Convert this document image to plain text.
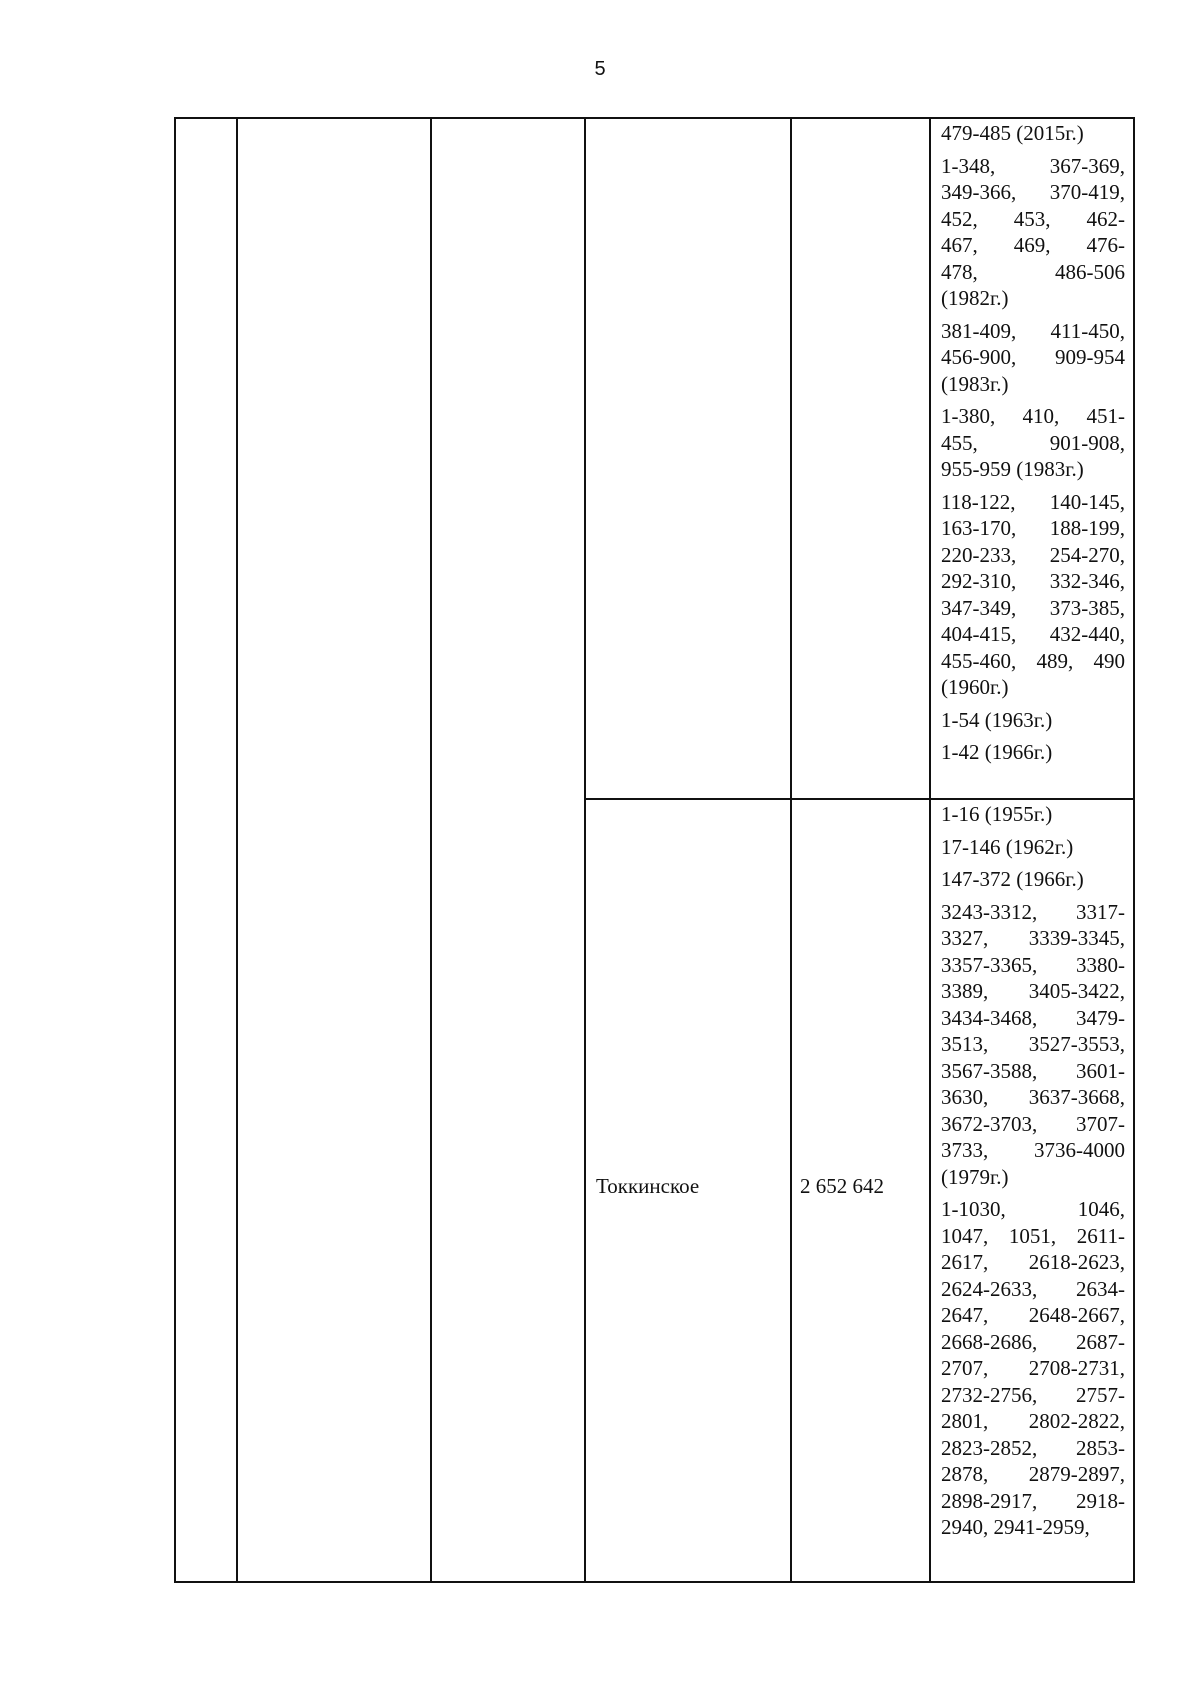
5
Токкинское	2 652 642
479-485 (2015г.)
1-348, 367-369,
349-366, 370-419,
452, 453, 462-
467, 469, 476-
478, 486-506
(1982г.)
381-409, 411-450,
456-900, 909-954
(1983г.)
1-380, 410, 451-
455, 901-908,
955-959 (1983г.)
118-122, 140-145,
163-170, 188-199,
220-233, 254-270,
292-310, 332-346,
347-349, 373-385,
404-415, 432-440,
455-460, 489, 490
(1960г.)
1-54 (1963г.)
1-42 (1966г.)
1-16 (1955г.)
17-146 (1962г.)
147-372 (1966г.)
3243-3312, 3317-
3327, 3339-3345,
3357-3365, 3380-
3389, 3405-3422,
3434-3468, 3479-
3513, 3527-3553,
3567-3588, 3601-
3630, 3637-3668,
3672-3703, 3707-
3733, 3736-4000
(1979г.)
1-1030, 1046,
1047, 1051, 2611-
2617, 2618-2623,
2624-2633, 2634-
2647, 2648-2667,
2668-2686, 2687-
2707, 2708-2731,
2732-2756, 2757-
2801, 2802-2822,
2823-2852, 2853-
2878, 2879-2897,
2898-2917, 2918-
2940, 2941-2959,
